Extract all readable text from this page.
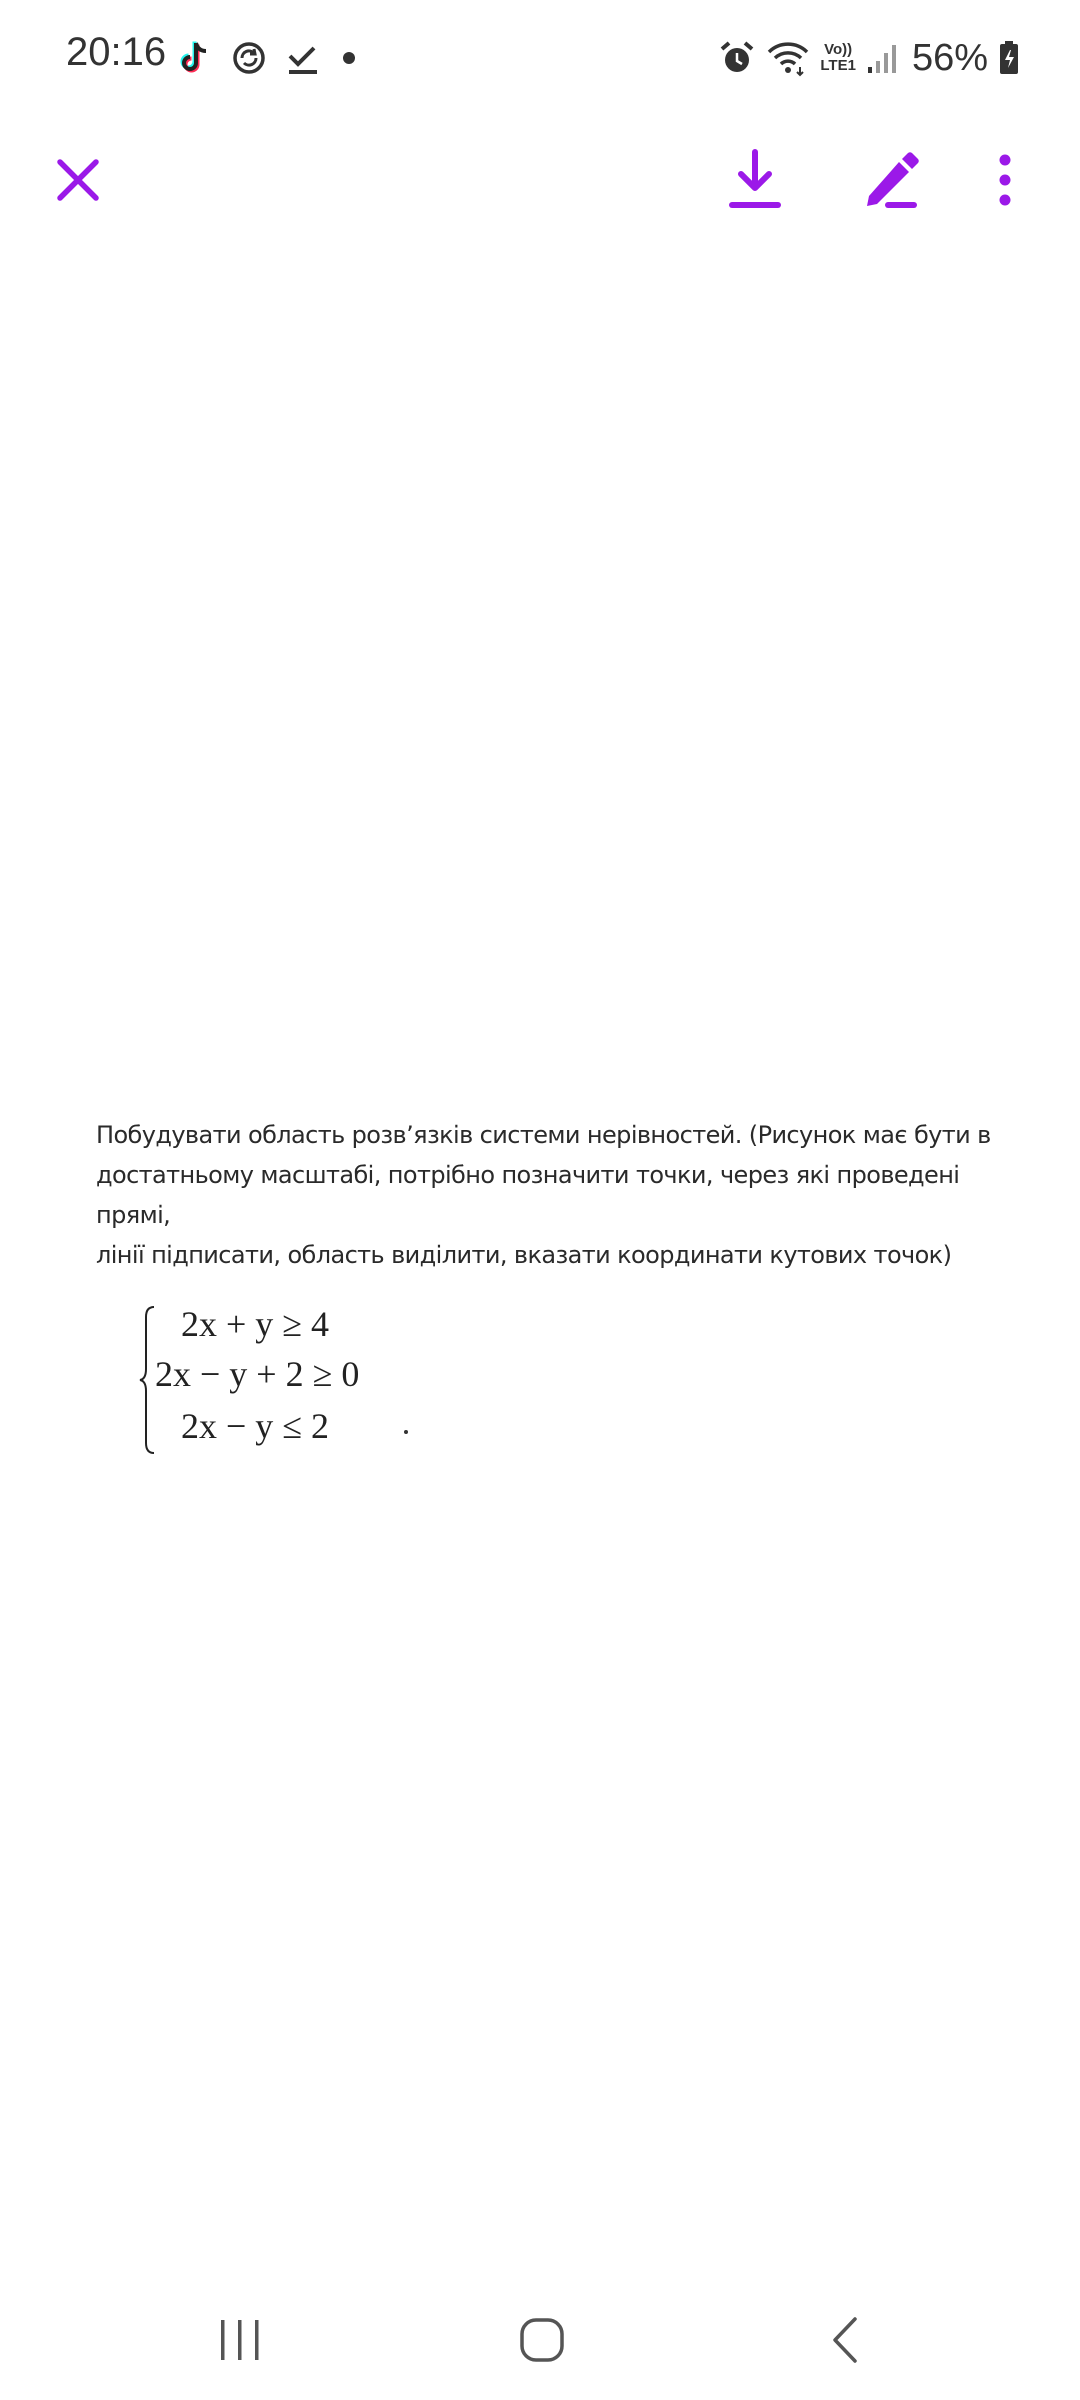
20:16	Vo))
LTE1 56%

Побудувати область розв’язків системи нерівностей. (Рисунок має бути в
достатньому масштабі, потрібно позначити точки, через які проведені прямі,
лінії підписати, область виділити, вказати координати кутових точок)

2x + y ≥ 4
2x − y + 2 ≥ 0
2x − y ≤ 2
